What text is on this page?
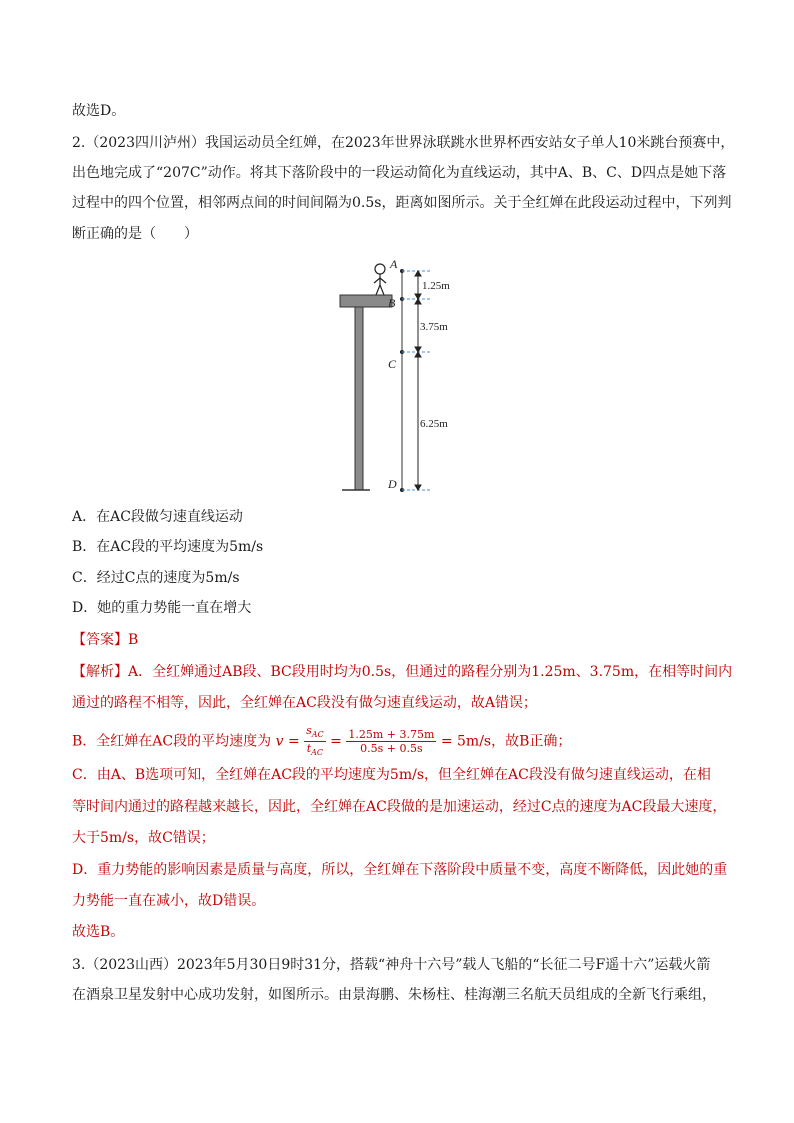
故选D。
2.（2023四川泸州）我国运动员全红婵，在2023年世界泳联跳水世界杯西安站女子单人10米跳台预赛中，
出色地完成了“207C”动作。将其下落阶段中的一段运动简化为直线运动，其中A、B、C、D四点是她下落
过程中的四个位置，相邻两点间的时间间隔为0.5s，距离如图所示。关于全红婵在此段运动过程中，下列判
断正确的是（　　）
A
B
C
D
1.25m
3.75m
6.25m
A．在AC段做匀速直线运动
B．在AC段的平均速度为5m/s
C．经过C点的速度为5m/s
D．她的重力势能一直在增大
【答案】B
【解析】A．全红婵通过AB段、BC段用时均为0.5s，但通过的路程分别为1.25m、3.75m，在相等时间内
通过的路程不相等，因此，全红婵在AC段没有做匀速直线运动，故A错误；
B．全红婵在AC段的平均速度为 $v = \frac{s_{AC}}{t_{AC}} = \frac{1.25m + 3.75m}{0.5s + 0.5s} = 5m/s$，故B正确；
C．由A、B选项可知，全红婵在AC段的平均速度为5m/s，但全红婵在AC段没有做匀速直线运动，在相
等时间内通过的路程越来越长，因此，全红婵在AC段做的是加速运动，经过C点的速度为AC段最大速度，
大于5m/s，故C错误；
D．重力势能的影响因素是质量与高度，所以，全红婵在下落阶段中质量不变，高度不断降低，因此她的重
力势能一直在减小，故D错误。
故选B。
3.（2023山西）2023年5月30日9时31分，搭载“神舟十六号”载人飞船的“长征二号F遥十六”运载火箭
在酒泉卫星发射中心成功发射，如图所示。由景海鹏、朱杨柱、桂海潮三名航天员组成的全新飞行乘组，
